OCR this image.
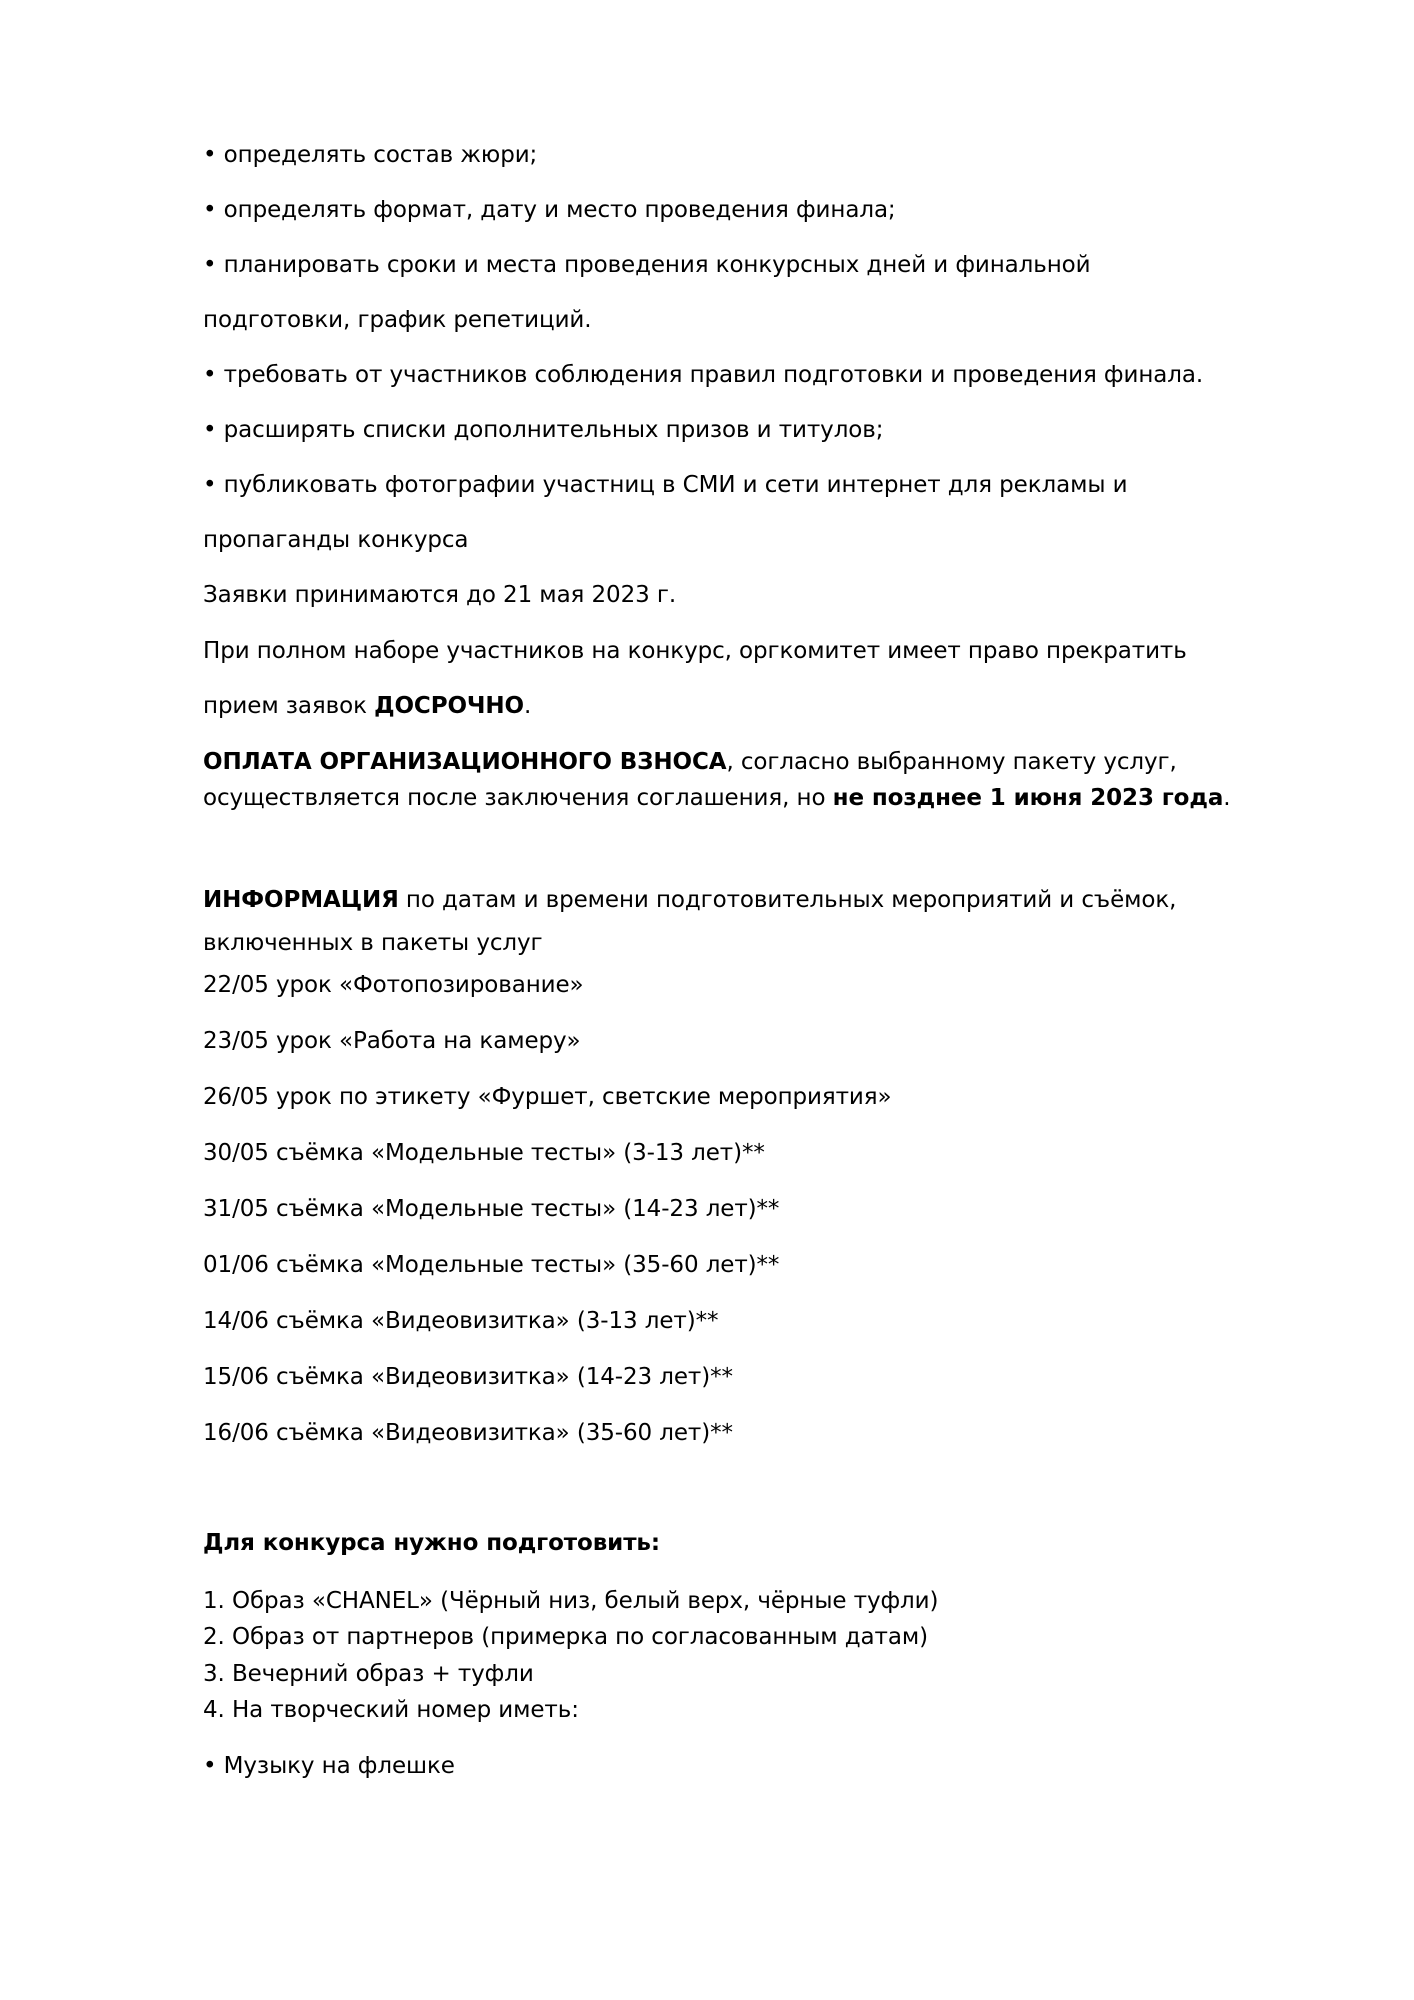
• определять состав жюри;
• определять формат, дату и место проведения финала;
• планировать сроки и места проведения конкурсных дней и финальной
подготовки, график репетиций.
• требовать от участников соблюдения правил подготовки и проведения финала.
• расширять списки дополнительных призов и титулов;
• публиковать фотографии участниц в СМИ и сети интернет для рекламы и
пропаганды конкурса
Заявки принимаются до 21 мая 2023 г.
При полном наборе участников на конкурс, оргкомитет имеет право прекратить
прием заявок ДОСРОЧНО.
ОПЛАТА ОРГАНИЗАЦИОННОГО ВЗНОСА, согласно выбранному пакету услуг,
осуществляется после заключения соглашения, но не позднее 1 июня 2023 года.
ИНФОРМАЦИЯ по датам и времени подготовительных мероприятий и съёмок,
включенных в пакеты услуг
22/05 урок «Фотопозирование»
23/05 урок «Работа на камеру»
26/05 урок по этикету «Фуршет, светские мероприятия»
30/05 съёмка «Модельные тесты» (3-13 лет)**
31/05 съёмка «Модельные тесты» (14-23 лет)**
01/06 съёмка «Модельные тесты» (35-60 лет)**
14/06 съёмка «Видеовизитка» (3-13 лет)**
15/06 съёмка «Видеовизитка» (14-23 лет)**
16/06 съёмка «Видеовизитка» (35-60 лет)**
Для конкурса нужно подготовить:
1. Образ «CHANEL» (Чёрный низ, белый верх, чёрные туфли)
2. Образ от партнеров (примерка по согласованным датам)
3. Вечерний образ + туфли
4. На творческий номер иметь:
• Музыку на флешке
